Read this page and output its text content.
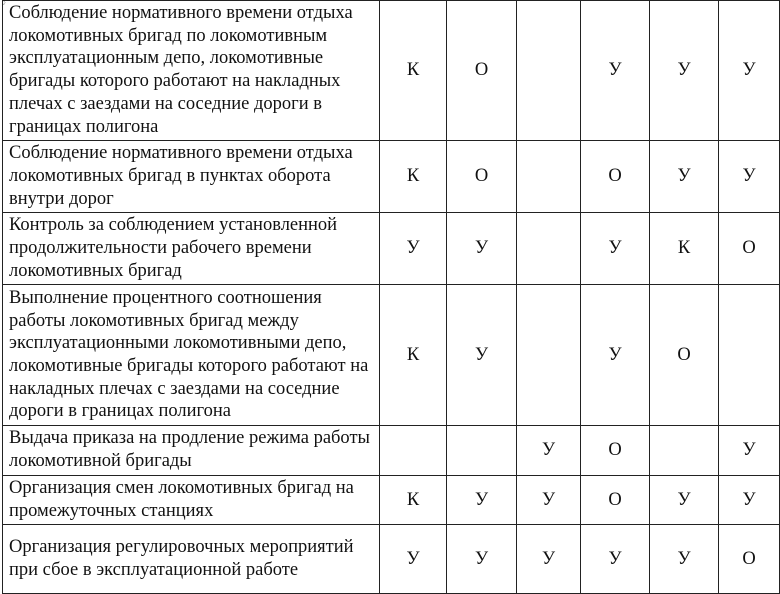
◊ Соблюдение нормативного времени отдыха локомотивных бригад по локомотивным эксплуатационным депо, локомотивные бригады которого работают на накладных плечах с заездами на соседние дороги в границах полигона	К	О		У	У	У
Соблюдение нормативного времени отдыха локомотивных бригад в пунктах оборота внутри дорог	К	О		О	У	У
Контроль за соблюдением установленной продолжительности рабочего времени локомотивных бригад	У	У		У	К	О
Выполнение процентного соотношения работы локомотивных бригад между эксплуатационными локомотивными депо, локомотивные бригады которого работают на накладных плечах с заездами на соседние дороги в границах полигона	К	У		У	О	
Выдача приказа на продление режима работы локомотивной бригады			У	О		У
Организация смен локомотивных бригад на промежуточных станциях	К	У	У	О	У	У
Организация регулировочных мероприятий при сбое в эксплуатационной работе	У	У	У	У	У	О
